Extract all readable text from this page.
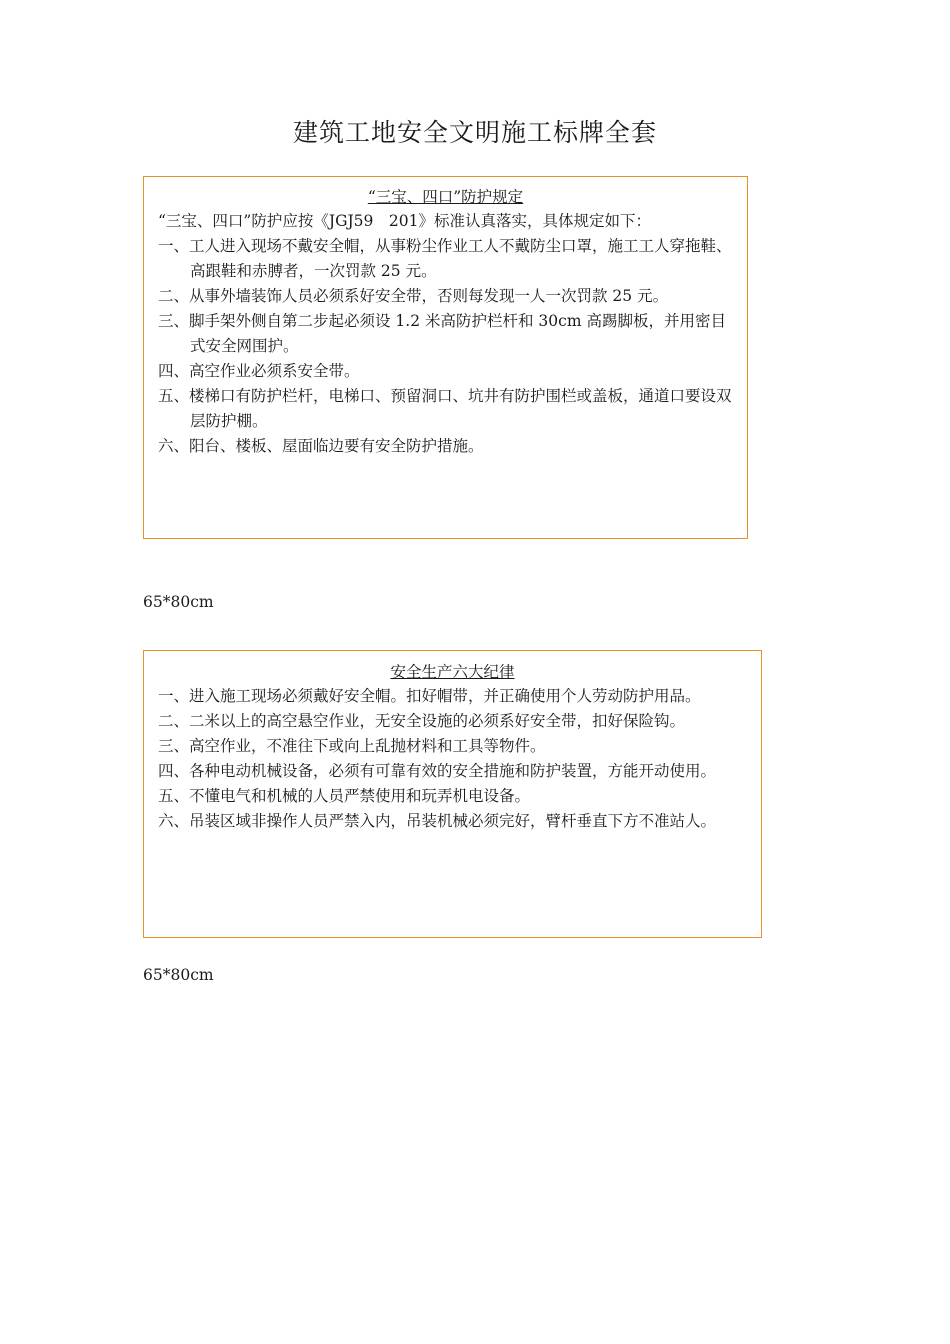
建筑工地安全文明施工标牌全套
“三宝、四口”防护规定
“三宝、四口”防护应按《JGJ59　201》标准认真落实，具体规定如下：
一、工人进入现场不戴安全帽，从事粉尘作业工人不戴防尘口罩，施工工人穿拖鞋、高跟鞋和赤膊者，一次罚款 25 元。
二、从事外墙装饰人员必须系好安全带，否则每发现一人一次罚款 25 元。
三、脚手架外侧自第二步起必须设 1.2 米高防护栏杆和 30cm 高踢脚板，并用密目式安全网围护。
四、高空作业必须系安全带。
五、楼梯口有防护栏杆，电梯口、预留洞口、坑井有防护围栏或盖板，通道口要设双层防护棚。
六、阳台、楼板、屋面临边要有安全防护措施。
65*80cm
安全生产六大纪律
一、进入施工现场必须戴好安全帽。扣好帽带，并正确使用个人劳动防护用品。
二、二米以上的高空悬空作业，无安全设施的必须系好安全带，扣好保险钩。
三、高空作业，不准往下或向上乱抛材料和工具等物件。
四、各种电动机械设备，必须有可靠有效的安全措施和防护装置，方能开动使用。
五、不懂电气和机械的人员严禁使用和玩弄机电设备。
六、吊装区域非操作人员严禁入内，吊装机械必须完好，臂杆垂直下方不准站人。
65*80cm
